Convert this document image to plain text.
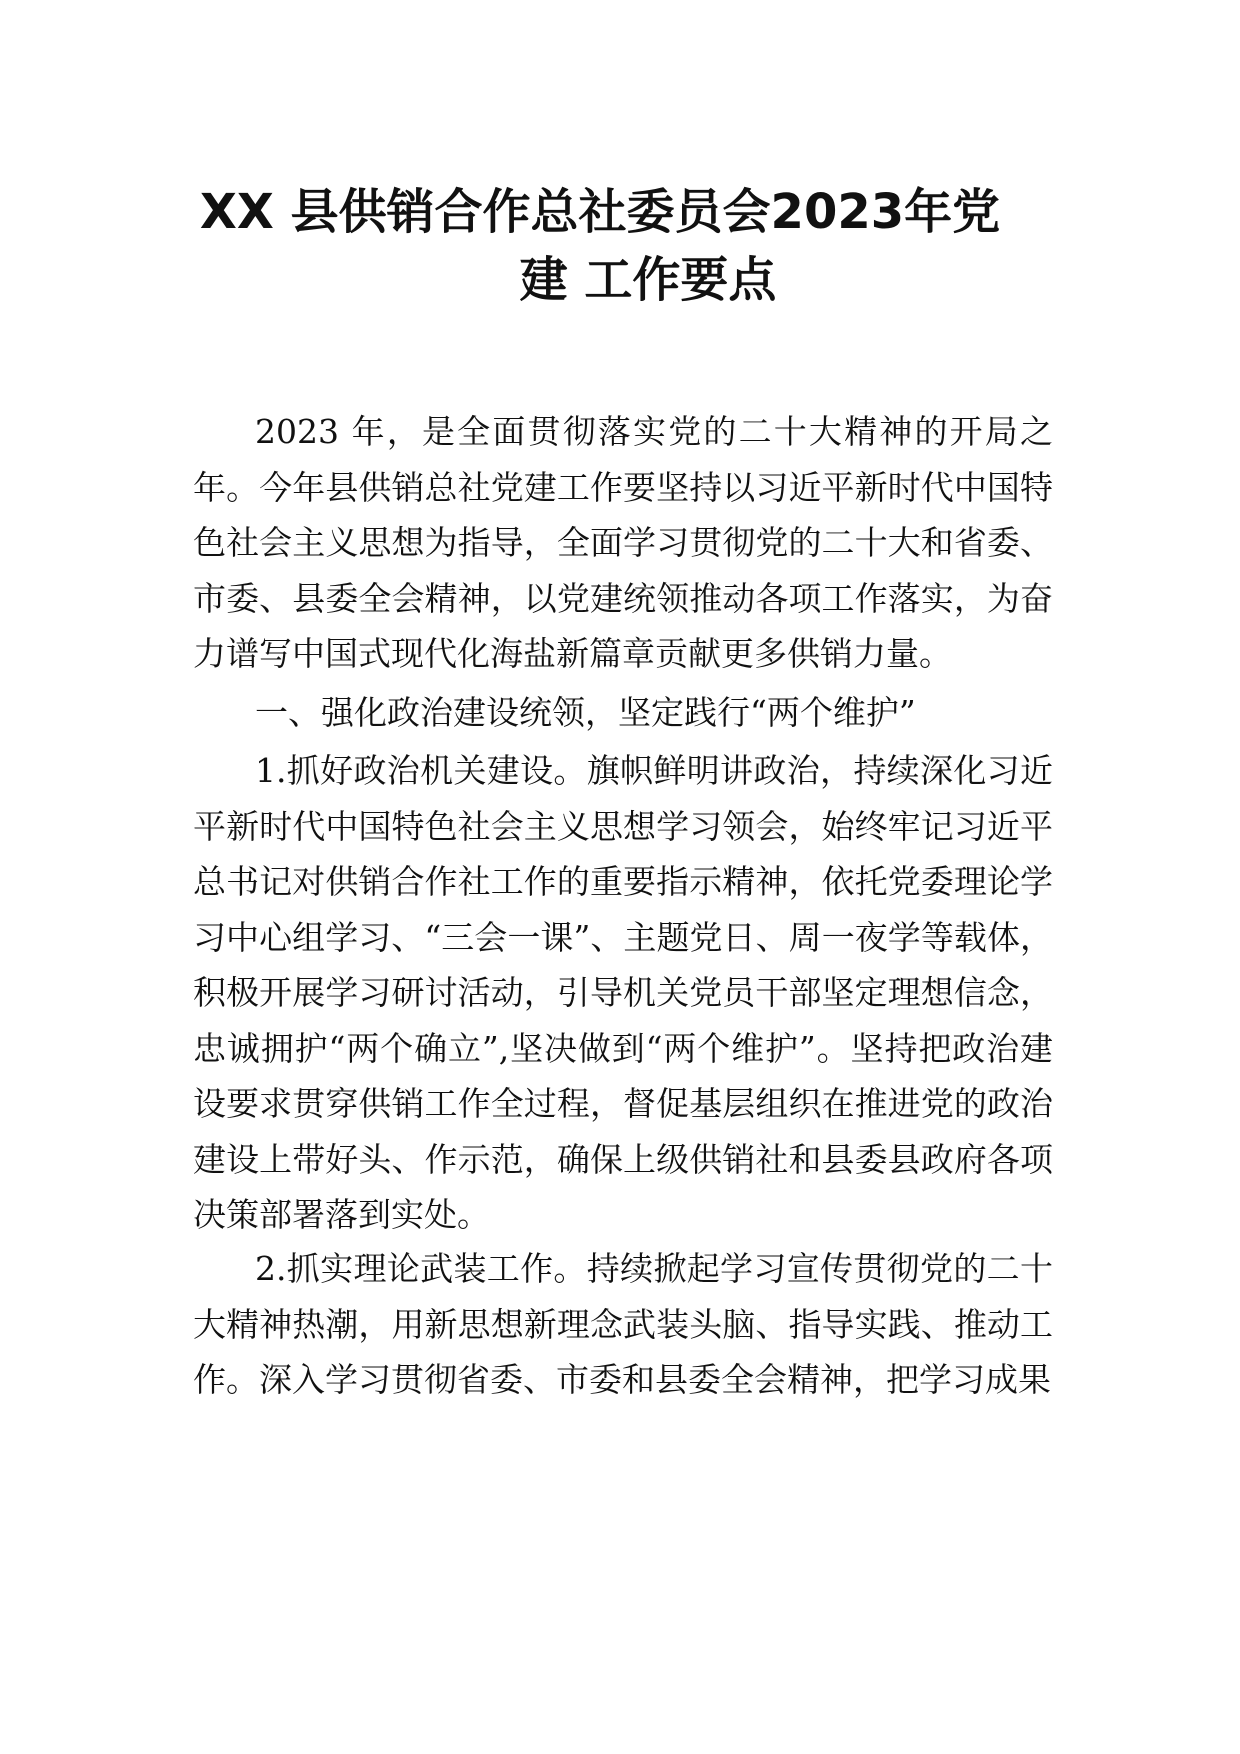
XX 县供销合作总社委员会2023年党
建 工作要点

2023 年，是全面贯彻落实党的二十大精神的开局之年。今年县供销总社党建工作要坚持以习近平新时代中国特色社会主义思想为指导，全面学习贯彻党的二十大和省委、市委、县委全会精神，以党建统领推动各项工作落实，为奋力谱写中国式现代化海盐新篇章贡献更多供销力量。

一、强化政治建设统领，坚定践行“两个维护”

1.抓好政治机关建设。旗帜鲜明讲政治，持续深化习近平新时代中国特色社会主义思想学习领会，始终牢记习近平总书记对供销合作社工作的重要指示精神，依托党委理论学习中心组学习、“三会一课”、主题党日、周一夜学等载体，积极开展学习研讨活动，引导机关党员干部坚定理想信念，忠诚拥护“两个确立”,坚决做到“两个维护”。坚持把政治建设要求贯穿供销工作全过程，督促基层组织在推进党的政治建设上带好头、作示范，确保上级供销社和县委县政府各项决策部署落到实处。

2.抓实理论武装工作。持续掀起学习宣传贯彻党的二十大精神热潮，用新思想新理念武装头脑、指导实践、推动工作。深入学习贯彻省委、市委和县委全会精神，把学习成果
